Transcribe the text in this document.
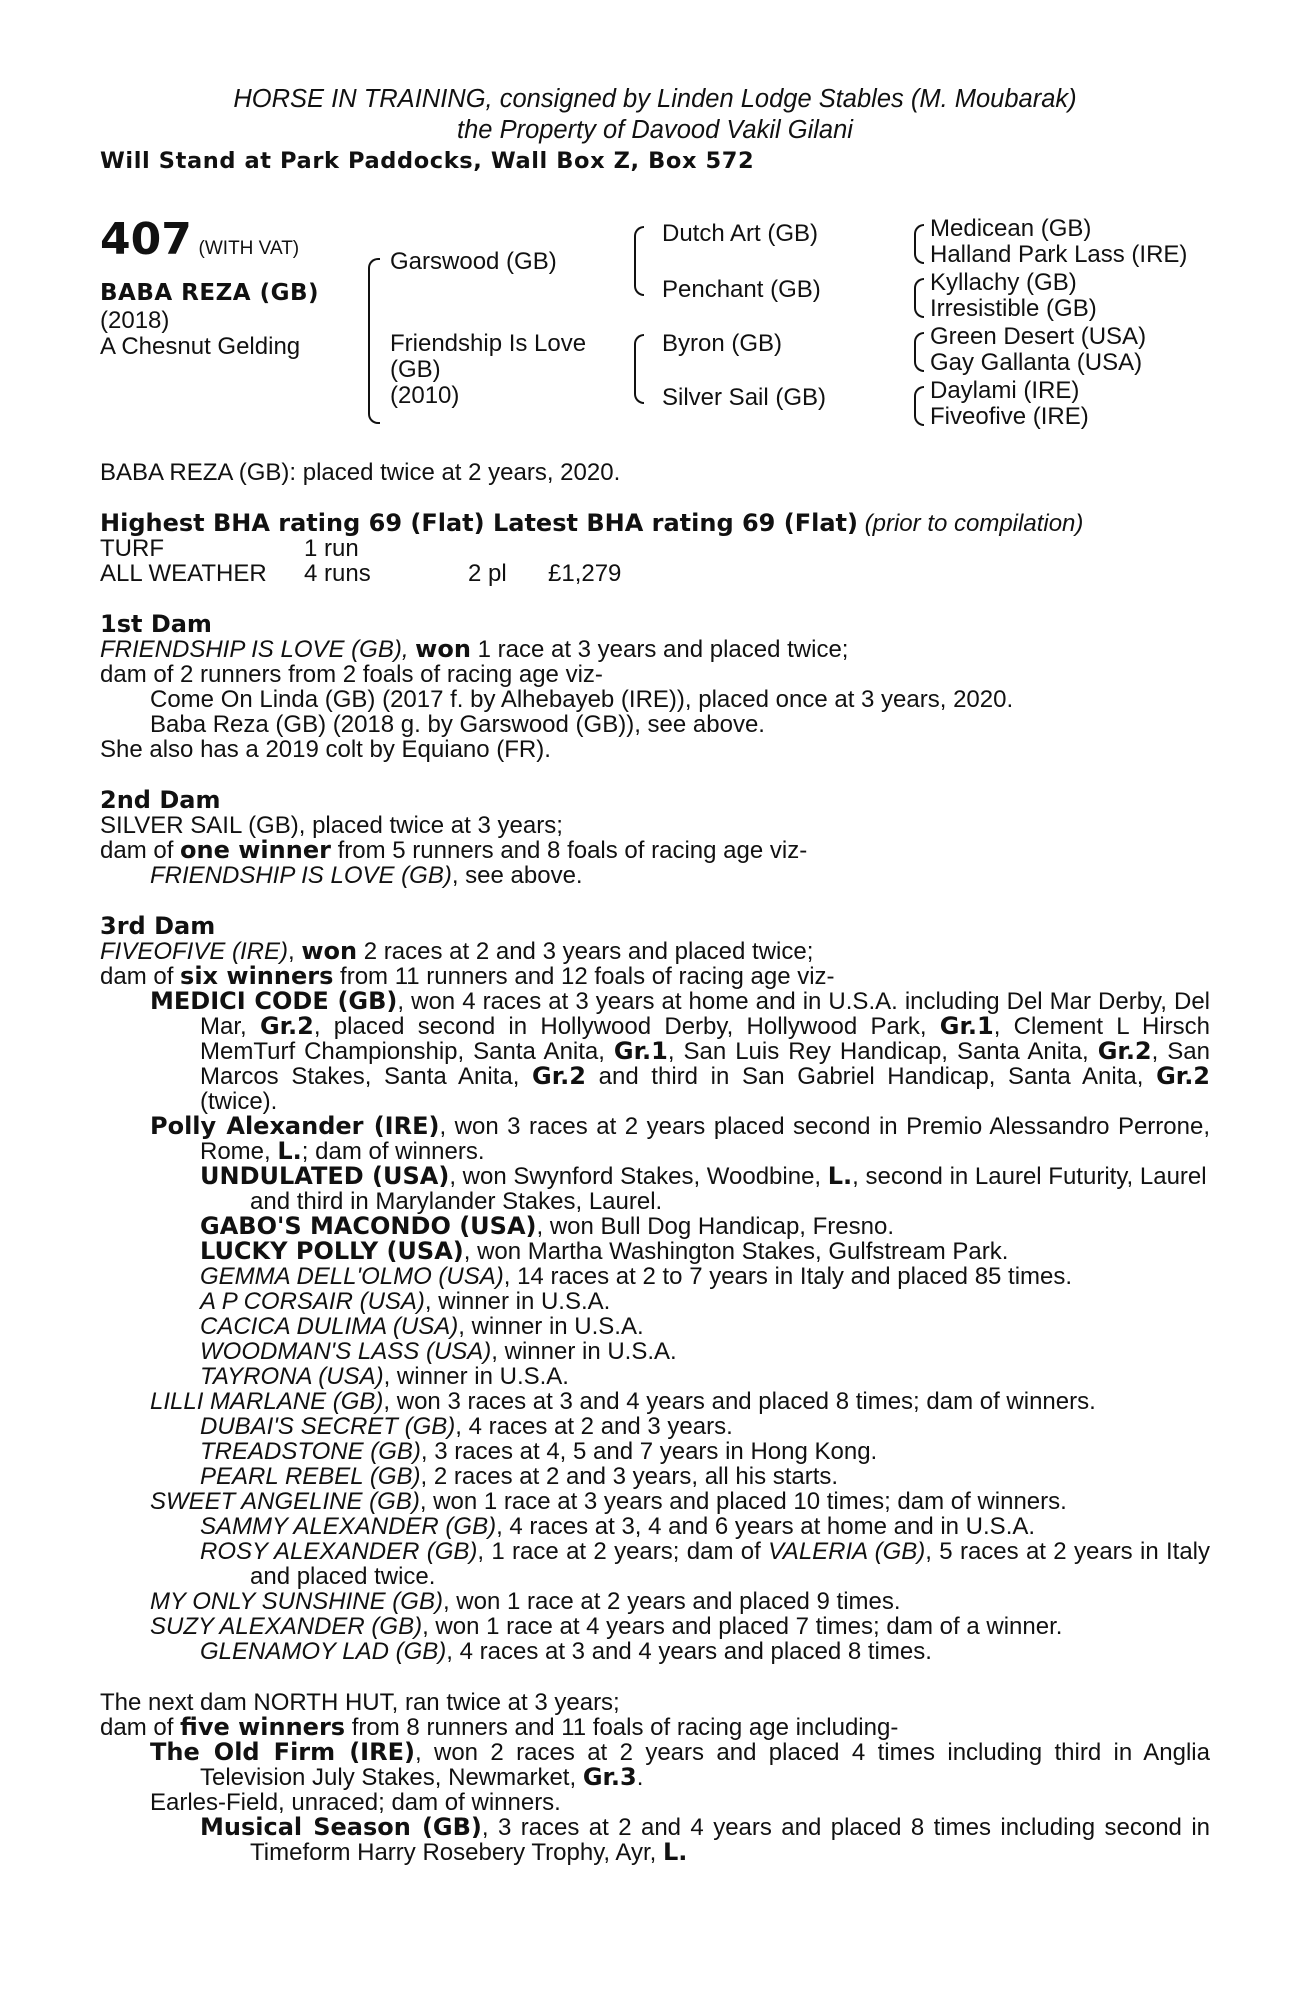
HORSE IN TRAINING, consigned by Linden Lodge Stables (M. Moubarak)
the Property of Davood Vakil Gilani
Will Stand at Park Paddocks, Wall Box Z, Box 572
407 (WITH VAT)
BABA REZA (GB)
(2018)
A Chesnut Gelding
Garswood (GB)
Friendship Is Love
(GB)
(2010)
Dutch Art (GB)
Penchant (GB)
Byron (GB)
Silver Sail (GB)
Medicean (GB)
Halland Park Lass (IRE)
Kyllachy (GB)
Irresistible (GB)
Green Desert (USA)
Gay Gallanta (USA)
Daylami (IRE)
Fiveofive (IRE)
BABA REZA (GB): placed twice at 2 years, 2020.
Highest BHA rating 69 (Flat) Latest BHA rating 69 (Flat) (prior to compilation)
TURF	1 run
ALL WEATHER 4 runs	2 pl £1,279
1st Dam
FRIENDSHIP IS LOVE (GB), won 1 race at 3 years and placed twice;
dam of 2 runners from 2 foals of racing age viz-
Come On Linda (GB) (2017 f. by Alhebayeb (IRE)), placed once at 3 years, 2020.
Baba Reza (GB) (2018 g. by Garswood (GB)), see above.
She also has a 2019 colt by Equiano (FR).
2nd Dam
SILVER SAIL (GB), placed twice at 3 years;
dam of one winner from 5 runners and 8 foals of racing age viz-
FRIENDSHIP IS LOVE (GB), see above.
3rd Dam
FIVEOFIVE (IRE), won 2 races at 2 and 3 years and placed twice;
dam of six winners from 11 runners and 12 foals of racing age viz-
MEDICI CODE (GB), won 4 races at 3 years at home and in U.S.A. including Del Mar Derby, Del Mar, Gr.2, placed second in Hollywood Derby, Hollywood Park, Gr.1, Clement L Hirsch MemTurf Championship, Santa Anita, Gr.1, San Luis Rey Handicap, Santa Anita, Gr.2, San Marcos Stakes, Santa Anita, Gr.2 and third in San Gabriel Handicap, Santa Anita, Gr.2 (twice).
Polly Alexander (IRE), won 3 races at 2 years placed second in Premio Alessandro Perrone, Rome, L.; dam of winners.
UNDULATED (USA), won Swynford Stakes, Woodbine, L., second in Laurel Futurity, Laurel and third in Marylander Stakes, Laurel.
GABO'S MACONDO (USA), won Bull Dog Handicap, Fresno.
LUCKY POLLY (USA), won Martha Washington Stakes, Gulfstream Park.
GEMMA DELL'OLMO (USA), 14 races at 2 to 7 years in Italy and placed 85 times.
A P CORSAIR (USA), winner in U.S.A.
CACICA DULIMA (USA), winner in U.S.A.
WOODMAN'S LASS (USA), winner in U.S.A.
TAYRONA (USA), winner in U.S.A.
LILLI MARLANE (GB), won 3 races at 3 and 4 years and placed 8 times; dam of winners.
DUBAI'S SECRET (GB), 4 races at 2 and 3 years.
TREADSTONE (GB), 3 races at 4, 5 and 7 years in Hong Kong.
PEARL REBEL (GB), 2 races at 2 and 3 years, all his starts.
SWEET ANGELINE (GB), won 1 race at 3 years and placed 10 times; dam of winners.
SAMMY ALEXANDER (GB), 4 races at 3, 4 and 6 years at home and in U.S.A.
ROSY ALEXANDER (GB), 1 race at 2 years; dam of VALERIA (GB), 5 races at 2 years in Italy and placed twice.
MY ONLY SUNSHINE (GB), won 1 race at 2 years and placed 9 times.
SUZY ALEXANDER (GB), won 1 race at 4 years and placed 7 times; dam of a winner.
GLENAMOY LAD (GB), 4 races at 3 and 4 years and placed 8 times.
The next dam NORTH HUT, ran twice at 3 years;
dam of five winners from 8 runners and 11 foals of racing age including-
The Old Firm (IRE), won 2 races at 2 years and placed 4 times including third in Anglia Television July Stakes, Newmarket, Gr.3.
Earles-Field, unraced; dam of winners.
Musical Season (GB), 3 races at 2 and 4 years and placed 8 times including second in Timeform Harry Rosebery Trophy, Ayr, L.
